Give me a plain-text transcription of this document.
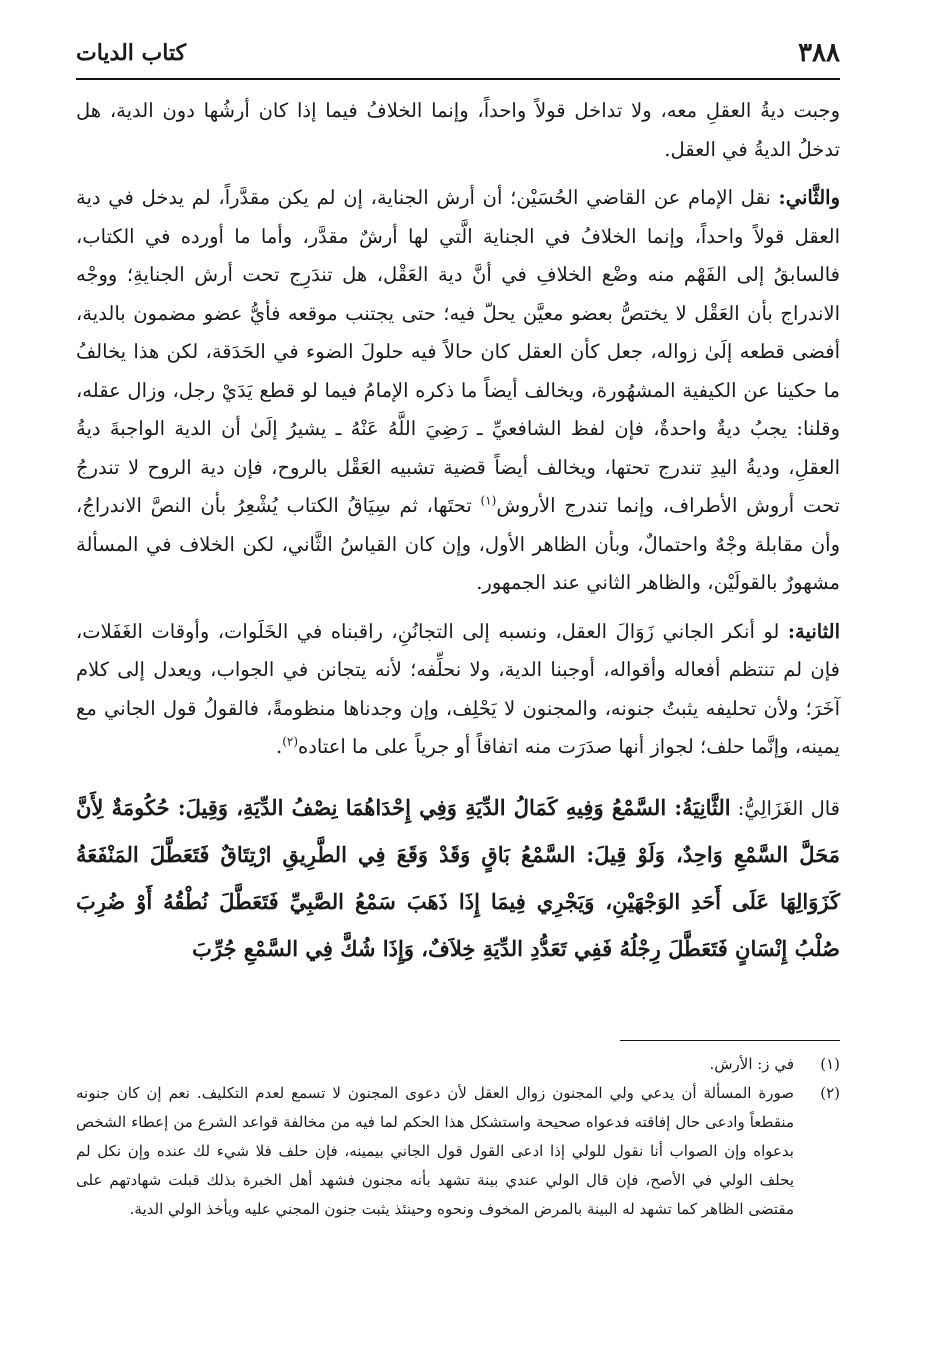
٣٨٨
كتاب الديات

وجبت ديةُ العقلِ معه، ولا تداخل قولاً واحداً، وإنما الخلافُ فيما إذا كان أرشُها دون الدية، هل تدخلُ الديةُ في العقل.

والثَّاني: نقل الإمام عن القاضي الحُسَيْن؛ أن أرش الجناية، إن لم يكن مقدَّراً، لم يدخل في دية العقل قولاً واحداً، وإنما الخلافُ في الجناية الَّتي لها أرشٌ مقدَّر، وأما ما أورده في الكتاب، فالسابقُ إلى الفَهْم منه وضْع الخلافِ في أنَّ دية العَقْل، هل تندَرِج تحت أرش الجنايةِ؛ ووجْه الاندراج بأن العَقْل لا يختصُّ بعضو معيَّن يحلّ فيه؛ حتى يجتنب موقعه فأيُّ عضو مضمون بالدية، أفضى قطعه إلَىٰ زواله، جعل كأن العقل كان حالاً فيه حلولَ الضوء في الحَدَقة، لكن هذا يخالفُ ما حكينا عن الكيفية المشهُورة، ويخالف أيضاً ما ذكره الإمامُ فيما لو قطع يَدَيْ رجل، وزال عقله، وقلنا: يجبُ ديةٌ واحدةٌ، فإن لفظ الشافعيِّ ـ رَضِيَ اللَّهُ عَنْهُ ـ يشيرُ إلَىٰ أن الدية الواجبةَ ديةُ العقلِ، وديةُ اليدِ تندرج تحتها، ويخالف أيضاً قضية تشبيه العَقْل بالروح، فإن دية الروح لا تندرجُ تحت أروش الأطراف، وإنما تندرج الأروش$^{(١)}$ تحتَها، ثم سِيَاقُ الكتاب يُشْعِرُ بأن النصَّ الاندراجُ، وأن مقابلة وجْهٌ واحتمالٌ، وبأن الظاهر الأول، وإن كان القياسُ الثَّاني، لكن الخلاف في المسألة مشهورٌ بالقولَيْن، والظاهر الثاني عند الجمهور.

الثانية: لو أنكر الجاني زَوَالَ العقل، ونسبه إلى التجانُنِ، راقبناه في الخَلَوات، وأوقات الغَفَلات، فإن لم تنتظم أفعاله وأقواله، أوجبنا الدية، ولا نحلِّفه؛ لأنه يتجانن في الجواب، ويعدل إلى كلام آخَرَ؛ ولأن تحليفه يثبتُ جنونه، والمجنون لا يَحْلِف، وإن وجدناها منظومةً، فالقولُ قول الجاني مع يمينه، وإنَّما حلف؛ لجواز أنها صدَرَت منه اتفاقاً أو جرياً على ما اعتاده$^{(٢)}$.

قال الغَزَالِيُّ: الثَّانِيَةُ: السَّمْعُ وَفِيهِ كَمَالُ الدِّيَةِ وَفِي إِحْدَاهُمَا نِصْفُ الدِّيَةِ، وَقِيلَ: حُكُومَةٌ لِأَنَّ مَحَلَّ السَّمْعِ وَاحِدٌ، وَلَوْ قِيلَ: السَّمْعُ بَاقٍ وَقَدْ وَقَعَ فِي الطَّرِيقِ ارْتِتَاقٌ فَتَعَطَّلَ المَنْفَعَةُ كَزَوَالِهَا عَلَى أَحَدِ الوَجْهَيْنِ، وَيَجْرِي فِيمَا إِذَا ذَهَبَ سَمْعُ الصَّبِيِّ فَتَعَطَّلَ نُطْقُهُ أَوْ ضُرِبَ صُلْبُ إِنْسَانٍ فَتَعَطَّلَ رِجْلُهُ فَفِي تَعَدُّدِ الدِّيَةِ خِلاَفٌ، وَإِذَا شُكَّ فِي السَّمْعِ جُرِّبَ

(١)
في ز: الأرش.
(٢)
صورة المسألة أن يدعي ولي المجنون زوال العقل لأن دعوى المجنون لا تسمع لعدم التكليف. نعم إن كان جنونه منقطعاً وادعى حال إفاقته فدعواه صحيحة واستشكل هذا الحكم لما فيه من مخالفة قواعد الشرع من إعطاء الشخص بدعواه وإن الصواب أنا نقول للولي إذا ادعى القول قول الجاني بيمينه، فإن حلف فلا شيء لك عنده وإن نكل لم يحلف الولي في الأصح، فإن قال الولي عندي بينة تشهد بأنه مجنون فشهد أهل الخبرة بذلك قبلت شهادتهم على مقتضى الظاهر كما تشهد له البينة بالمرض المخوف ونحوه وحينئذ يثبت جنون المجني عليه ويأخذ الولي الدية.
